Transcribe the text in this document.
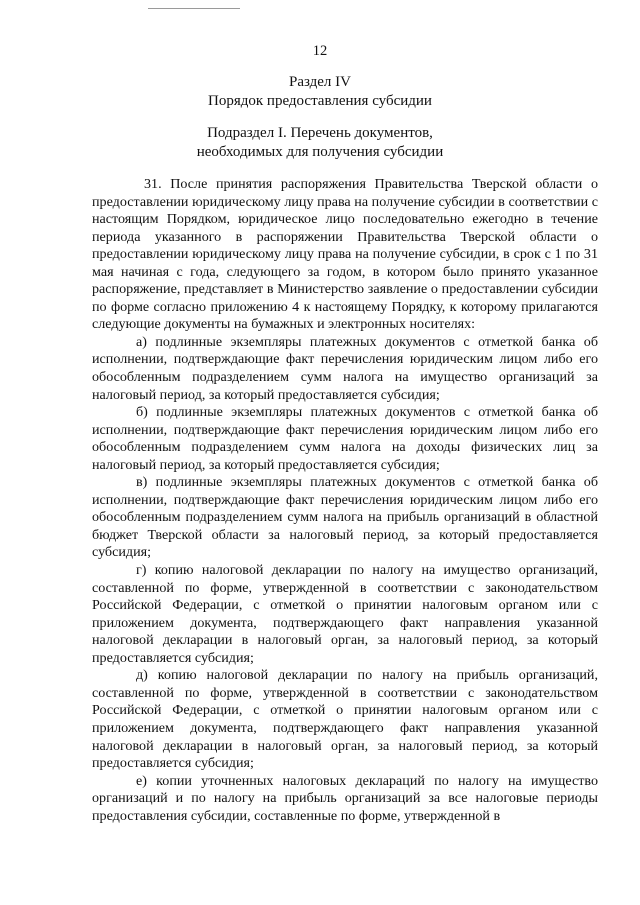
12
Раздел IV
Порядок предоставления субсидии
Подраздел I. Перечень документов,
необходимых для получения субсидии

31. После принятия распоряжения Правительства Тверской области о предоставлении юридическому лицу права на получение субсидии в соответствии с настоящим Порядком, юридическое лицо последовательно ежегодно в течение периода указанного в распоряжении Правительства Тверской области о предоставлении юридическому лицу права на получение субсидии, в срок с 1 по 31 мая начиная с года, следующего за годом, в котором было принято указанное распоряжение, представляет в Министерство заявление о предоставлении субсидии по форме согласно приложению 4 к настоящему Порядку, к которому прилагаются следующие документы на бумажных и электронных носителях:

а) подлинные экземпляры платежных документов с отметкой банка об исполнении, подтверждающие факт перечисления юридическим лицом либо его обособленным подразделением сумм налога на имущество организаций за налоговый период, за который предоставляется субсидия;

б) подлинные экземпляры платежных документов с отметкой банка об исполнении, подтверждающие факт перечисления юридическим лицом либо его обособленным подразделением сумм налога на доходы физических лиц за налоговый период, за который предоставляется субсидия;

в) подлинные экземпляры платежных документов с отметкой банка об исполнении, подтверждающие факт перечисления юридическим лицом либо его обособленным подразделением сумм налога на прибыль организаций в областной бюджет Тверской области за налоговый период, за который предоставляется субсидия;

г) копию налоговой декларации по налогу на имущество организаций, составленной по форме, утвержденной в соответствии с законодательством Российской Федерации, с отметкой о принятии налоговым органом или с приложением документа, подтверждающего факт направления указанной налоговой декларации в налоговый орган, за налоговый период, за который предоставляется субсидия;

д) копию налоговой декларации по налогу на прибыль организаций, составленной по форме, утвержденной в соответствии с законодательством Российской Федерации, с отметкой о принятии налоговым органом или с приложением документа, подтверждающего факт направления указанной налоговой декларации в налоговый орган, за налоговый период, за который предоставляется субсидия;

е) копии уточненных налоговых деклараций по налогу на имущество организаций и по налогу на прибыль организаций за все налоговые периоды предоставления субсидии, составленные по форме, утвержденной в
